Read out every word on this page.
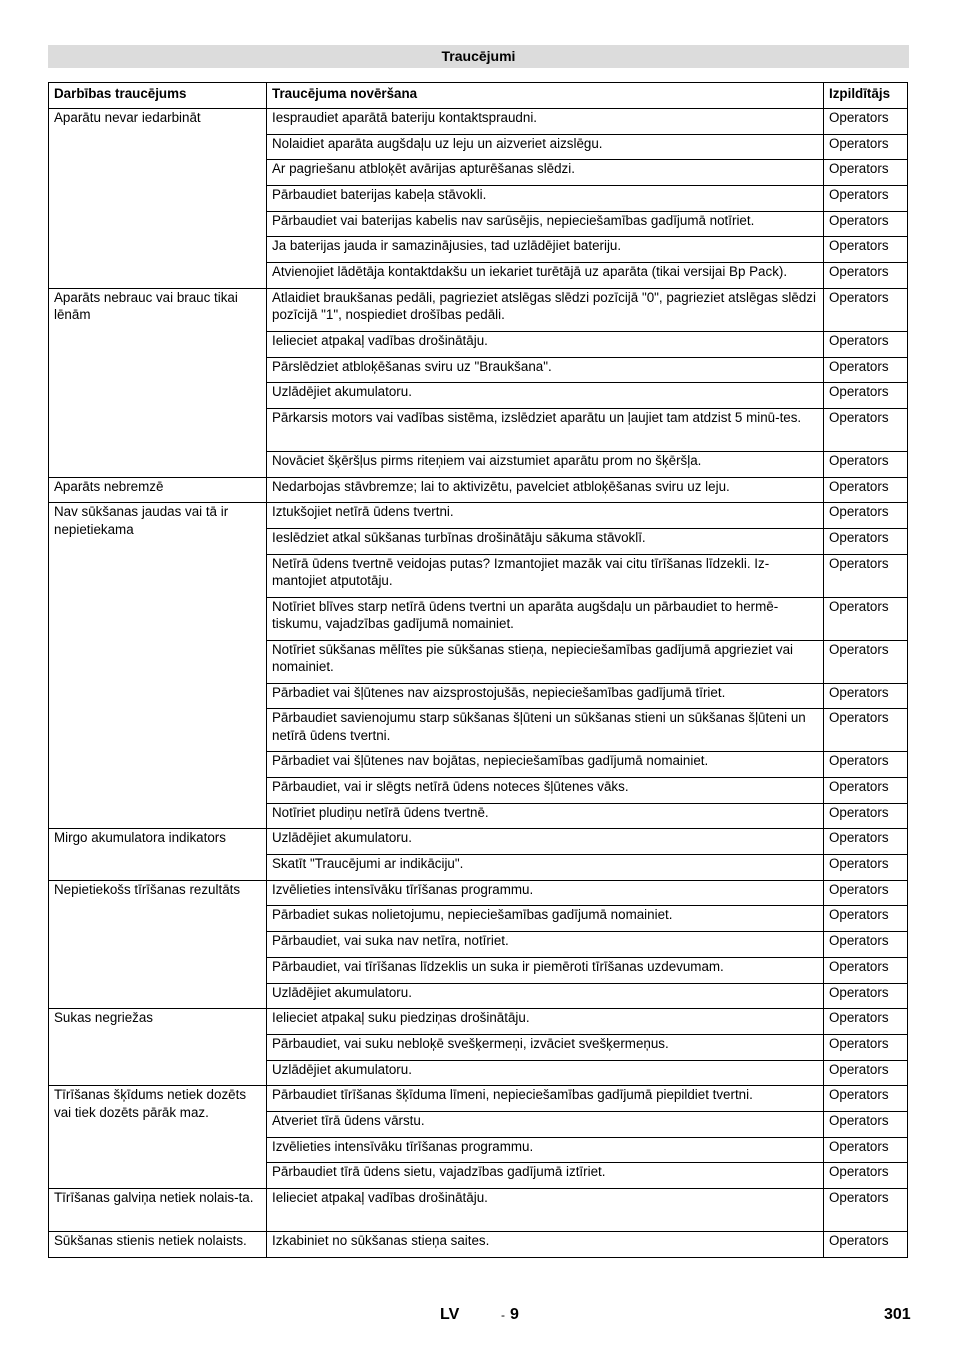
Traucējumi
Darbības traucējums	Traucējuma novēršana	Izpildītājs

Aparātu nevar iedarbināt	Iespraudiet aparātā bateriju kontaktspraudni.	Operators
	Nolaidiet aparāta augšdaļu uz leju un aizveriet aizslēgu.	Operators
	Ar pagriešanu atbloķēt avārijas apturēšanas slēdzi.	Operators
	Pārbaudiet baterijas kabeļa stāvokli.	Operators
	Pārbaudiet vai baterijas kabelis nav sarūsējis, nepieciešamības gadījumā notīriet.	Operators
	Ja baterijas jauda ir samazinājusies, tad uzlādējiet bateriju.	Operators
	Atvienojiet lādētāja kontaktdakšu un iekariet turētājā uz aparāta (tikai versijai Bp Pack).	Operators
Aparāts nebrauc vai brauc tikai lēnām	Atlaidiet braukšanas pedāli, pagrieziet atslēgas slēdzi pozīcijā "0", pagrieziet atslēgas slēdzi pozīcijā "1", nospiediet drošības pedāli.	Operators
	Ielieciet atpakaļ vadības drošinātāju.	Operators
	Pārslēdziet atbloķēšanas sviru uz "Braukšana".	Operators
	Uzlādējiet akumulatoru.	Operators
	Pārkarsis motors vai vadības sistēma, izslēdziet aparātu un ļaujiet tam atdzist 5 minū-tes.	Operators
	Novāciet šķēršļus pirms riteņiem vai aizstumiet aparātu prom no šķēršļa.	Operators
Aparāts nebremzē	Nedarbojas stāvbremze; lai to aktivizētu, pavelciet atbloķēšanas sviru uz leju.	Operators
Nav sūkšanas jaudas vai tā ir nepietiekama	Iztukšojiet netīrā ūdens tvertni.	Operators
	Ieslēdziet atkal sūkšanas turbīnas drošinātāju sākuma stāvoklī.	Operators
	Netīrā ūdens tvertnē veidojas putas? Izmantojiet mazāk vai citu tīrīšanas līdzekli. Iz-mantojiet atputotāju.	Operators
	Notīriet blīves starp netīrā ūdens tvertni un aparāta augšdaļu un pārbaudiet to hermē-tiskumu, vajadzības gadījumā nomainiet.	Operators
	Notīriet sūkšanas mēlītes pie sūkšanas stieņa, nepieciešamības gadījumā apgrieziet vai nomainiet.	Operators
	Pārbadiet vai šļūtenes nav aizsprostojušās, nepieciešamības gadījumā tīriet.	Operators
	Pārbaudiet savienojumu starp sūkšanas šļūteni un sūkšanas stieni un sūkšanas šļūteni un netīrā ūdens tvertni.	Operators
	Pārbadiet vai šļūtenes nav bojātas, nepieciešamības gadījumā nomainiet.	Operators
	Pārbaudiet, vai ir slēgts netīrā ūdens noteces šļūtenes vāks.	Operators
	Notīriet pludiņu netīrā ūdens tvertnē.	Operators
Mirgo akumulatora indikators	Uzlādējiet akumulatoru.	Operators
	Skatīt "Traucējumi ar indikāciju".	Operators
Nepietiekošs tīrīšanas rezultāts	Izvēlieties intensīvāku tīrīšanas programmu.	Operators
	Pārbadiet sukas nolietojumu, nepieciešamības gadījumā nomainiet.	Operators
	Pārbaudiet, vai suka nav netīra, notīriet.	Operators
	Pārbaudiet, vai tīrīšanas līdzeklis un suka ir piemēroti tīrīšanas uzdevumam.	Operators
	Uzlādējiet akumulatoru.	Operators
Sukas negriežas	Ielieciet atpakaļ suku piedziņas drošinātāju.	Operators
	Pārbaudiet, vai suku nebloķē svešķermeņi, izvāciet svešķermeņus.	Operators
	Uzlādējiet akumulatoru.	Operators
Tīrīšanas šķīdums netiek dozēts vai tiek dozēts pārāk maz.	Pārbaudiet tīrīšanas šķīduma līmeni, nepieciešamības gadījumā piepildiet tvertni.	Operators
	Atveriet tīrā ūdens vārstu.	Operators
	Izvēlieties intensīvāku tīrīšanas programmu.	Operators
	Pārbaudiet tīrā ūdens sietu, vajadzības gadījumā iztīriet.	Operators
Tīrīšanas galviņa netiek nolais-ta.	Ielieciet atpakaļ vadības drošinātāju.	Operators
Sūkšanas stienis netiek nolaists.	Izkabiniet no sūkšanas stieņa saites.	Operators
LV	- 9	301
